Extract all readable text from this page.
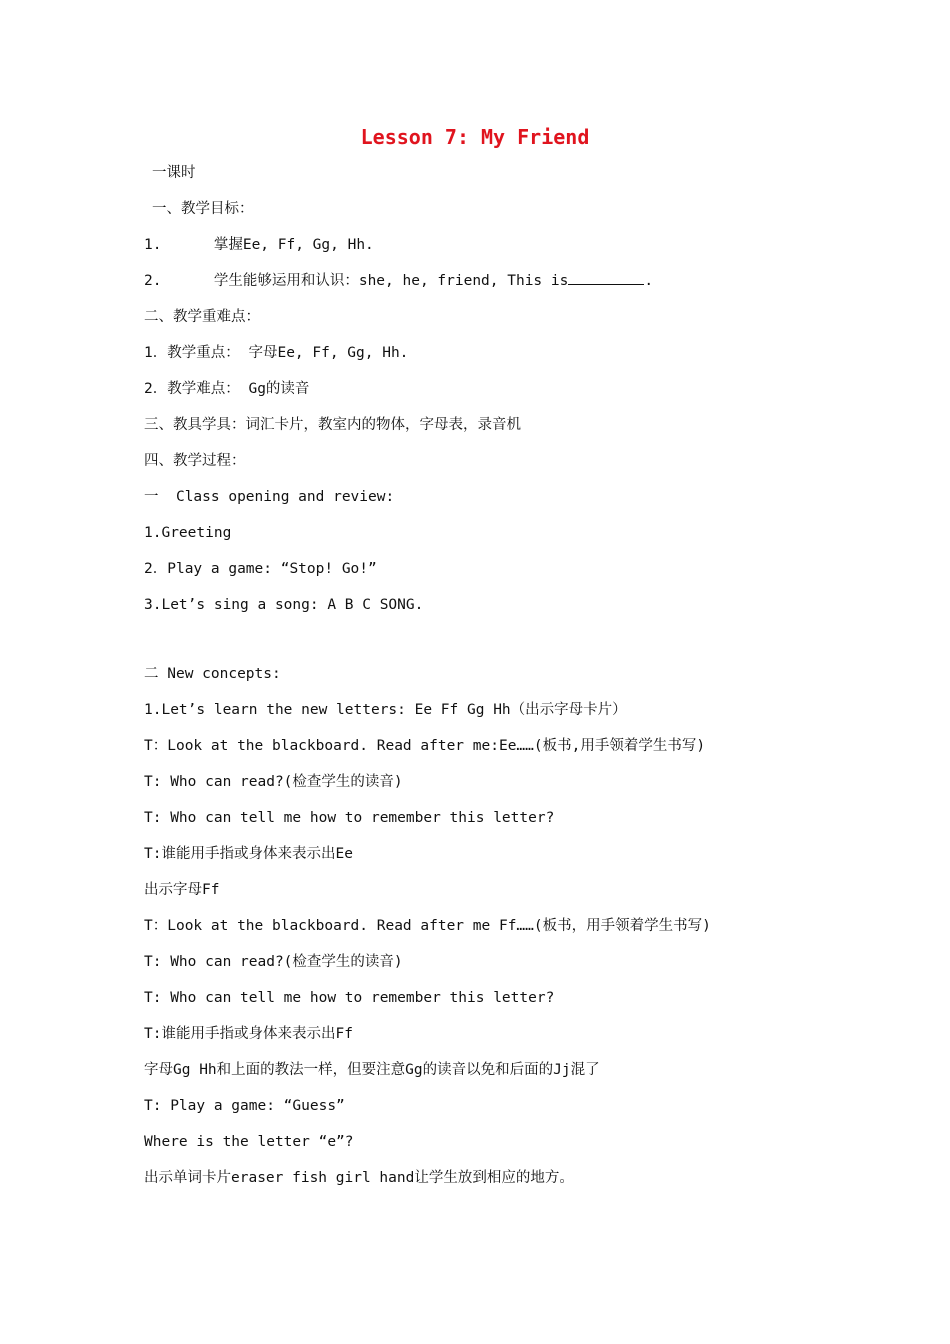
Lesson 7: My Friend
一课时
一、教学目标：
1.      掌握Ee, Ff, Gg, Hh.
2.      学生能够运用和认识：she, he, friend, This is	.
二、教学重难点：
1．教学重点： 字母Ee, Ff, Gg, Hh.
2．教学难点： Gg的读音
三、教具学具：词汇卡片，教室内的物体，字母表，录音机
四、教学过程：
一  Class opening and review:
1.Greeting
2．Play a game: “Stop! Go!”
3.Let’s sing a song: A B C SONG.
二 New concepts:
1.Let’s learn the new letters: Ee Ff Gg Hh（出示字母卡片）
T：Look at the blackboard. Read after me:Ee……(板书,用手领着学生书写)
T: Who can read?(检查学生的读音)
T: Who can tell me how to remember this letter?
T:谁能用手指或身体来表示出Ee
出示字母Ff
T：Look at the blackboard. Read after me Ff……(板书，用手领着学生书写)
T: Who can read?(检查学生的读音)
T: Who can tell me how to remember this letter?
T:谁能用手指或身体来表示出Ff
字母Gg Hh和上面的教法一样，但要注意Gg的读音以免和后面的Jj混了
T: Play a game: “Guess”
Where is the letter “e”?
出示单词卡片eraser fish girl hand让学生放到相应的地方。
